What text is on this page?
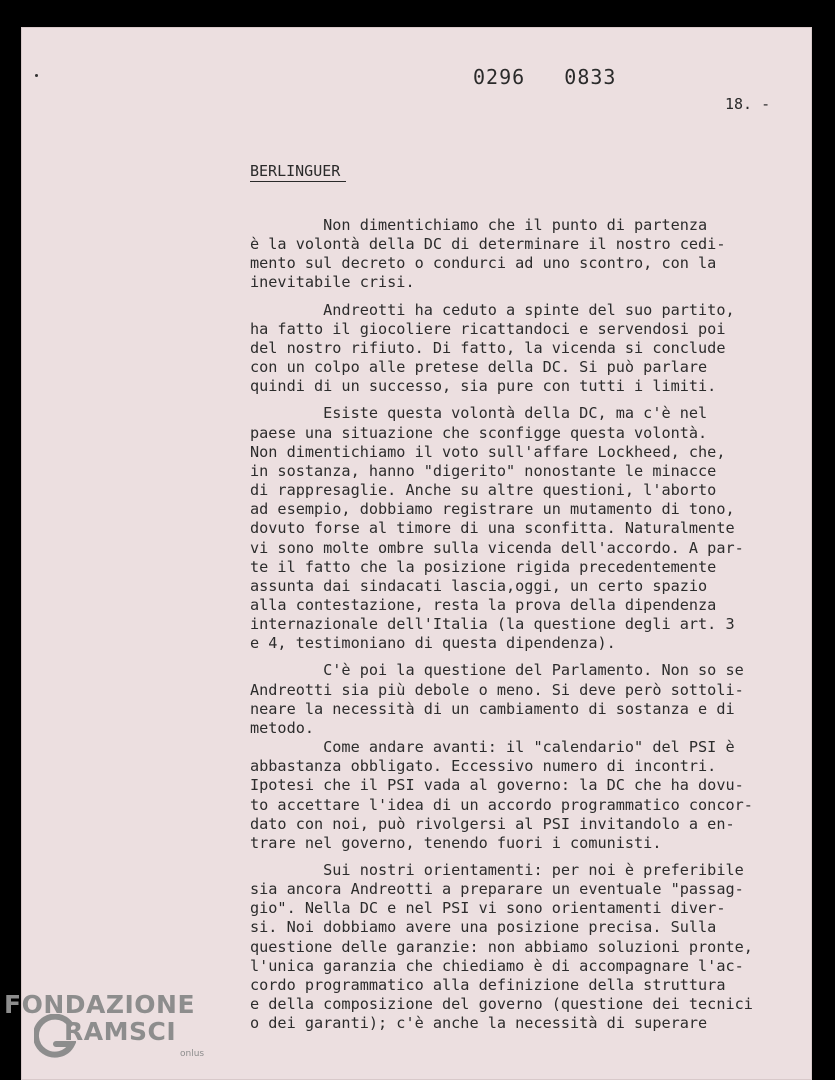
0296   0833
18. -
BERLINGUER

Non dimentichiamo che il punto di partenza
è la volontà della DC di determinare il nostro cedi-
mento sul decreto o condurci ad uno scontro, con la
inevitabile crisi.

Andreotti ha ceduto a spinte del suo partito,
ha fatto il giocoliere ricattandoci e servendosi poi
del nostro rifiuto. Di fatto, la vicenda si conclude
con un colpo alle pretese della DC. Si può parlare
quindi di un successo, sia pure con tutti i limiti.

Esiste questa volontà della DC, ma c'è nel
paese una situazione che sconfigge questa volontà.
Non dimentichiamo il voto sull'affare Lockheed, che,
in sostanza, hanno "digerito" nonostante le minacce
di rappresaglie. Anche su altre questioni, l'aborto
ad esempio, dobbiamo registrare un mutamento di tono,
dovuto forse al timore di una sconfitta. Naturalmente
vi sono molte ombre sulla vicenda dell'accordo. A par-
te il fatto che la posizione rigida precedentemente
assunta dai sindacati lascia,oggi, un certo spazio
alla contestazione, resta la prova della dipendenza
internazionale dell'Italia (la questione degli art. 3
e 4, testimoniano di questa dipendenza).

C'è poi la questione del Parlamento. Non so se
Andreotti sia più debole o meno. Si deve però sottoli-
neare la necessità di un cambiamento di sostanza e di
metodo.

Come andare avanti: il "calendario" del PSI è
abbastanza obbligato. Eccessivo numero di incontri.
Ipotesi che il PSI vada al governo: la DC che ha dovu-
to accettare l'idea di un accordo programmatico concor-
dato con noi, può rivolgersi al PSI invitandolo a en-
trare nel governo, tenendo fuori i comunisti.

Sui nostri orientamenti: per noi è preferibile
sia ancora Andreotti a preparare un eventuale "passag-
gio". Nella DC e nel PSI vi sono orientamenti diver-
si. Noi dobbiamo avere una posizione precisa. Sulla
questione delle garanzie: non abbiamo soluzioni pronte,
l'unica garanzia che chiediamo è di accompagnare l'ac-
cordo programmatico alla definizione della struttura
e della composizione del governo (questione dei tecnici
o dei garanti); c'è anche la necessità di superare

FONDAZIONE
RAMSCI
onlus
